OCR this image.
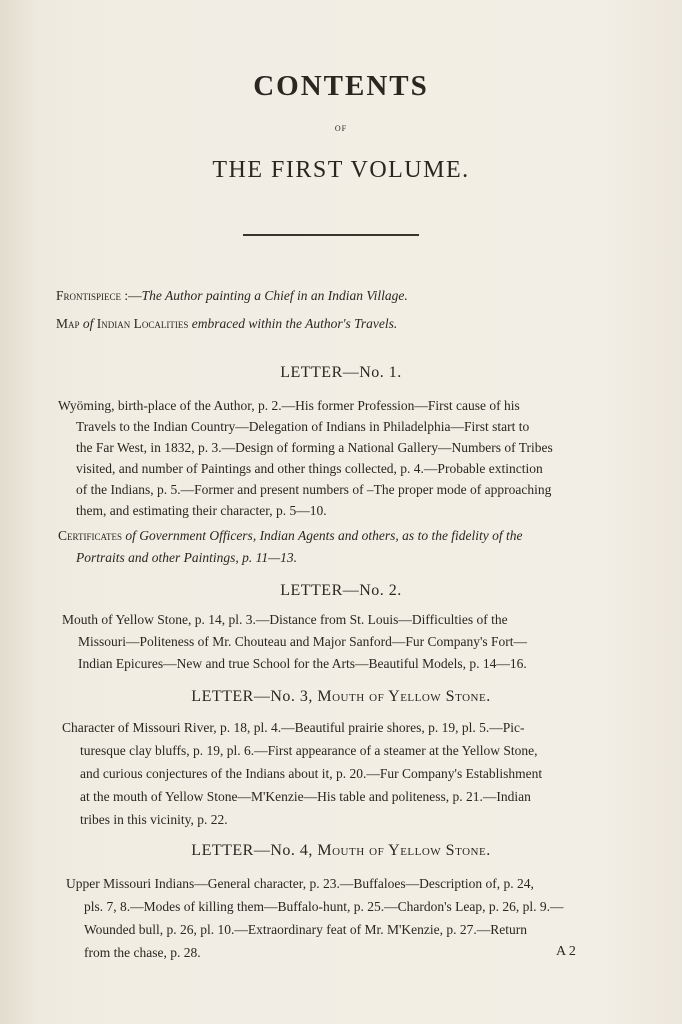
CONTENTS
OF
THE FIRST VOLUME.
Frontispiece :—The Author painting a Chief in an Indian Village.
Map of Indian Localities embraced within the Author's Travels.
LETTER—No. 1.
Wyöming, birth-place of the Author, p. 2.—His former Profession—First cause of his
Travels to the Indian Country—Delegation of Indians in Philadelphia—First start to
the Far West, in 1832, p. 3.—Design of forming a National Gallery—Numbers of Tribes
visited, and number of Paintings and other things collected, p. 4.—Probable extinction
of the Indians, p. 5.—Former and present numbers of –The proper mode of approaching
them, and estimating their character, p. 5—10.
Certificates of Government Officers, Indian Agents and others, as to the fidelity of the
Portraits and other Paintings, p. 11—13.
LETTER—No. 2.
Mouth of Yellow Stone, p. 14, pl. 3.—Distance from St. Louis—Difficulties of the
Missouri—Politeness of Mr. Chouteau and Major Sanford—Fur Company's Fort—
Indian Epicures—New and true School for the Arts—Beautiful Models, p. 14—16.
LETTER—No. 3, Mouth of Yellow Stone.
Character of Missouri River, p. 18, pl. 4.—Beautiful prairie shores, p. 19, pl. 5.—Pic-
turesque clay bluffs, p. 19, pl. 6.—First appearance of a steamer at the Yellow Stone,
and curious conjectures of the Indians about it, p. 20.—Fur Company's Establishment
at the mouth of Yellow Stone—M'Kenzie—His table and politeness, p. 21.—Indian
tribes in this vicinity, p. 22.
LETTER—No. 4, Mouth of Yellow Stone.
Upper Missouri Indians—General character, p. 23.—Buffaloes—Description of, p. 24,
pls. 7, 8.—Modes of killing them—Buffalo-hunt, p. 25.—Chardon's Leap, p. 26, pl. 9.—
Wounded bull, p. 26, pl. 10.—Extraordinary feat of Mr. M'Kenzie, p. 27.—Return
from the chase, p. 28.	A 2
